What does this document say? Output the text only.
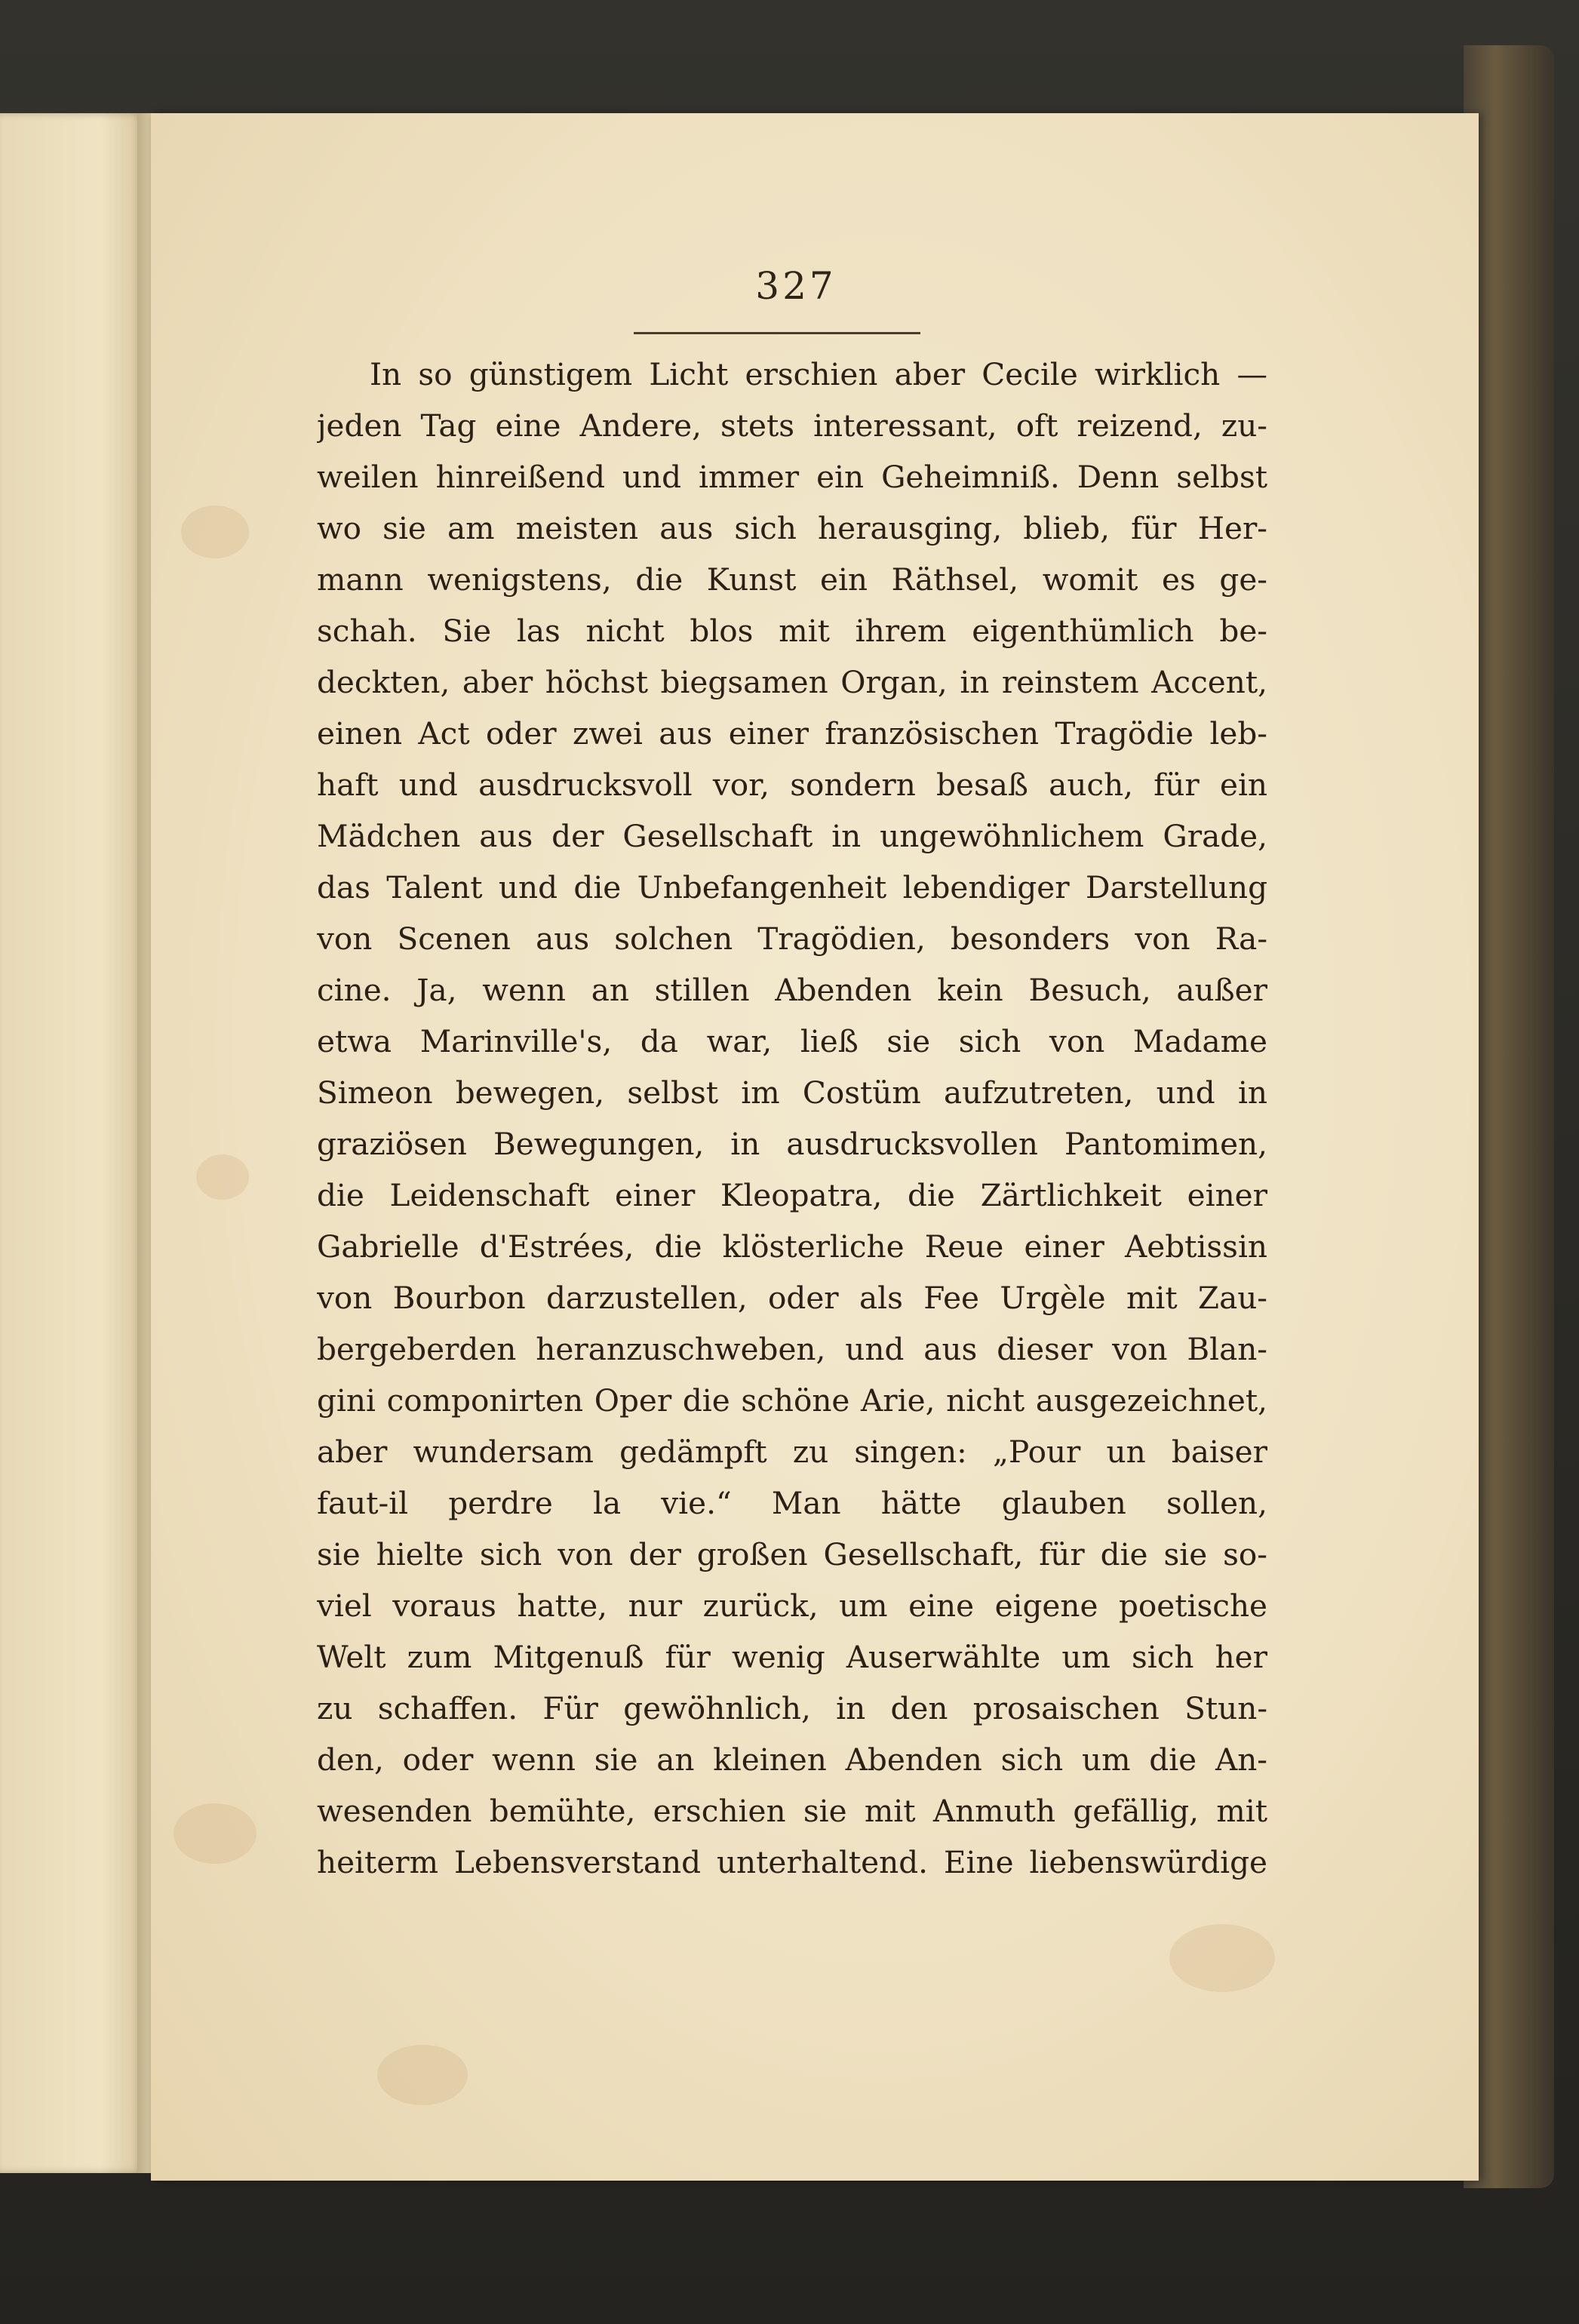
327
In so günstigem Licht erschien aber Cecile wirklich —
jeden Tag eine Andere, stets interessant, oft reizend, zu-
weilen hinreißend und immer ein Geheimniß. Denn selbst
wo sie am meisten aus sich herausging, blieb, für Her-
mann wenigstens, die Kunst ein Räthsel, womit es ge-
schah. Sie las nicht blos mit ihrem eigenthümlich be-
deckten, aber höchst biegsamen Organ, in reinstem Accent,
einen Act oder zwei aus einer französischen Tragödie leb-
haft und ausdrucksvoll vor, sondern besaß auch, für ein
Mädchen aus der Gesellschaft in ungewöhnlichem Grade,
das Talent und die Unbefangenheit lebendiger Darstellung
von Scenen aus solchen Tragödien, besonders von Ra-
cine. Ja, wenn an stillen Abenden kein Besuch, außer
etwa Marinville's, da war, ließ sie sich von Madame
Simeon bewegen, selbst im Costüm aufzutreten, und in
graziösen Bewegungen, in ausdrucksvollen Pantomimen,
die Leidenschaft einer Kleopatra, die Zärtlichkeit einer
Gabrielle d'Estrées, die klösterliche Reue einer Aebtissin
von Bourbon darzustellen, oder als Fee Urgèle mit Zau-
bergeberden heranzuschweben, und aus dieser von Blan-
gini componirten Oper die schöne Arie, nicht ausgezeichnet,
aber wundersam gedämpft zu singen: „Pour un baiser
faut-il perdre la vie.“ Man hätte glauben sollen,
sie hielte sich von der großen Gesellschaft, für die sie so-
viel voraus hatte, nur zurück, um eine eigene poetische
Welt zum Mitgenuß für wenig Auserwählte um sich her
zu schaffen. Für gewöhnlich, in den prosaischen Stun-
den, oder wenn sie an kleinen Abenden sich um die An-
wesenden bemühte, erschien sie mit Anmuth gefällig, mit
heiterm Lebensverstand unterhaltend. Eine liebenswürdige
